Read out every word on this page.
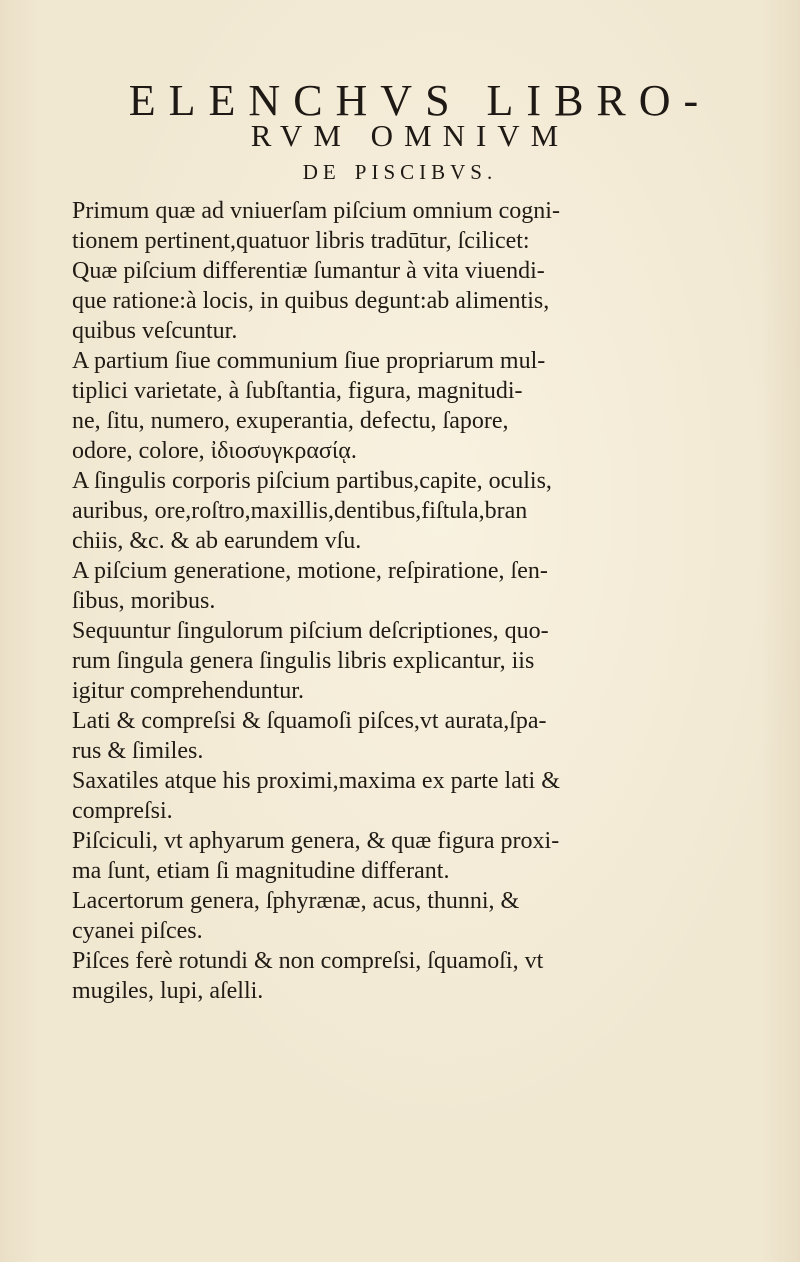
ELENCHVS LIBRO-
RVM OMNIVM
DE PISCIBVS.

Primum quæ ad vniuerſam piſcium omnium cogni-
tionem pertinent,quatuor libris tradūtur, ſcilicet:

Quæ piſcium differentiæ ſumantur à vita viuendi-
que ratione:à locis, in quibus degunt:ab alimentis,
quibus veſcuntur.

A partium ſiue communium ſiue propriarum mul-
tiplici varietate, à ſubſtantia, figura, magnitudi-
ne, ſitu, numero, exuperantia, defectu, ſapore,
odore, colore, ἰδιοσυγκρασίᾳ.

A ſingulis corporis piſcium partibus,capite, oculis,
auribus, ore,roſtro,maxillis,dentibus,fiſtula,bran
chiis, &c. & ab earundem vſu.

A piſcium generatione, motione, reſpiratione, ſen-
ſibus, moribus.

Sequuntur ſingulorum piſcium deſcriptiones, quo-
rum ſingula genera ſingulis libris explicantur, iis
igitur comprehenduntur.

Lati & compreſsi & ſquamoſi piſces,vt aurata,ſpa-
rus & ſimiles.

Saxatiles atque his proximi,maxima ex parte lati &
compreſsi.

Piſciculi, vt aphyarum genera, & quæ figura proxi-
ma ſunt, etiam ſi magnitudine differant.

Lacertorum genera, ſphyrænæ, acus, thunni, &
cyanei piſces.

Piſces ferè rotundi & non compreſsi, ſquamoſi, vt
mugiles, lupi, aſelli.
